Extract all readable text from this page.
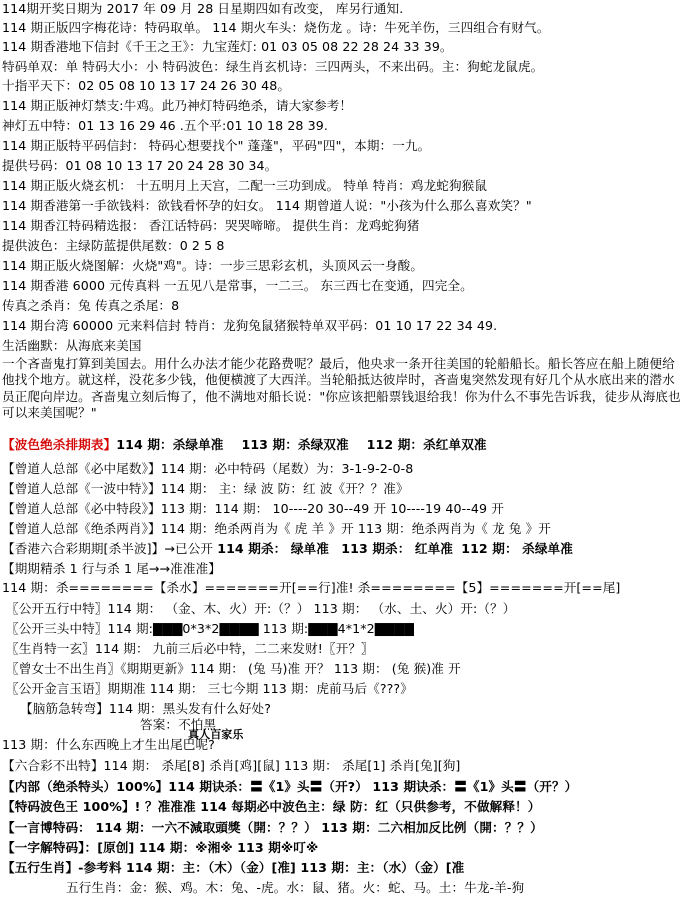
114期开奖日期为 2017 年 09 月 28 日星期四如有改变， 库另行通知.

114 期正版四字梅花诗：特码取单。 114 期火车头：烧伤龙 。诗：牛死羊伤，三四组合有财气。

114 期香港地下信封《千王之王》：九宝莲灯: 01 03 05 08 22 28 24 33 39。

特码单双：单 特码大小：小 特码波色：绿生肖玄机诗：三四两头，不来出码。主：狗蛇龙鼠虎。

十指平天下：02 05 08 10 13 17 24 26 30 48。

114 期正版神灯禁支:牛鸡。此乃神灯特码绝杀，请大家参考！

神灯五中特：01 13 16 29 46 .五个平:01 10 18 28 39.

114 期正版特平码信封： 特码心想要找个" 蓬蓬"，平码"四"，本期：一九。

提供号码：01 08 10 13 17 20 24 28 30 34。

114 期正版火烧玄机： 十五明月上天宫，二配一三功到成。 特单 特肖：鸡龙蛇狗猴鼠

114 期香港第一手欲钱料：欲钱看怀孕的妇女。 114 期曾道人说："小孩为什么那么喜欢笑？"

114 期香江特码精选报： 香江话特码：哭哭啼啼。 提供生肖：龙鸡蛇狗猪

提供波色：主绿防蓝提供尾数：0 2 5 8

114 期正版火烧图解：火烧"鸡"。诗：一步三思彩玄机，头顶风云一身酸。

114 期香港 6000 元传真料 一五见八是常事，一二三。 东三西七在变通，四完全。

传真之杀肖：兔 传真之杀尾：8

114 期台湾 60000 元来料信封 特肖：龙狗兔鼠猪猴特单双平码：01 10 17 22 34 49.

生活幽默：从海底来美国

一个吝啬鬼打算到美国去。用什么办法才能少花路费呢？最后，他央求一条开往美国的轮船船长。船长答应在船上随便给他找个地方。就这样，没花多少钱，他便横渡了大西洋。当轮船抵达彼岸时，吝啬鬼突然发现有好几个从水底出来的潜水员正爬向岸边。吝啬鬼立刻后悔了，他不满地对船长说："你应该把船票钱退给我！你为什么不事先告诉我，徒步从海底也可以来美国呢？"

【波色绝杀排期表】114 期：杀绿单准 113 期：杀绿双准 112 期：杀红单双准

【曾道人总部《必中尾数》】114 期：必中特码（尾数）为：3-1-9-2-0-8

【曾道人总部《一波中特》】114 期： 主：绿 波 防：红 波《开？？准》

【曾道人总部《必中特段》】113 期：114 期： 10----20 30--49 开 10----19 40--49 开

【曾道人总部《绝杀两肖》】114 期：绝杀两肖为《 虎 羊 》开 113 期：绝杀两肖为《 龙 兔 》开

【香港六合彩期期[杀半波]】→已公开 114 期杀： 绿单准 113 期杀： 红单准 112 期： 杀绿单准

【期期精杀 1 行与杀 1 尾→→准准准】

114 期：杀========【杀水】=======开[==行]准! 杀========【5】=======开[==尾]

〖公开五行中特〗114 期： （金、木、火）开:（？） 113 期： （水、土、火）开:（？）

〖公开三头中特〗114 期:▇▇▇0*3*2▇▇▇▇ 113 期:▇▇▇4*1*2▇▇▇▇

〖生肖特一玄〗114 期： 九前三后必中特，二二来发财!〖开？〗

〖曾女士不出生肖〗《期期更新》114 期： (兔 马)准 开？ 113 期： (兔 猴)准 开

〖公开金言玉语〗期期准 114 期： 三七今期 113 期：虎前马后《???》

【脑筋急转弯】114 期：黑头发有什么好处?

答案：不怕黑

真人百家乐

113 期：什么东西晚上才生出尾巴呢?

【六合彩不出特】114 期： 杀尾[8] 杀肖[鸡][鼠] 113 期： 杀尾[1] 杀肖[兔][狗]

【内部（绝杀特头）100%】114 期诀杀：〓《1》头〓（开?） 113 期诀杀：〓《1》头〓（开？）

【特码波色王 100%】! ？准准准 114 每期必中波色主：绿 防：红（只供参考，不做解释！）

【一言博特码： 114 期：一六不減取頭獎（開：？？） 113 期：二六相加反比例（開：？？）

【一字解特码】：[原创] 114 期：※湘※ 113 期※叮※

【五行生肖】-参考料 114 期：主：（木）（金）[准] 113 期：主：（水）（金）[准

五行生肖：金：猴、鸡。木：兔、-虎。水：鼠、猪。火：蛇、马。土：牛龙-羊-狗
